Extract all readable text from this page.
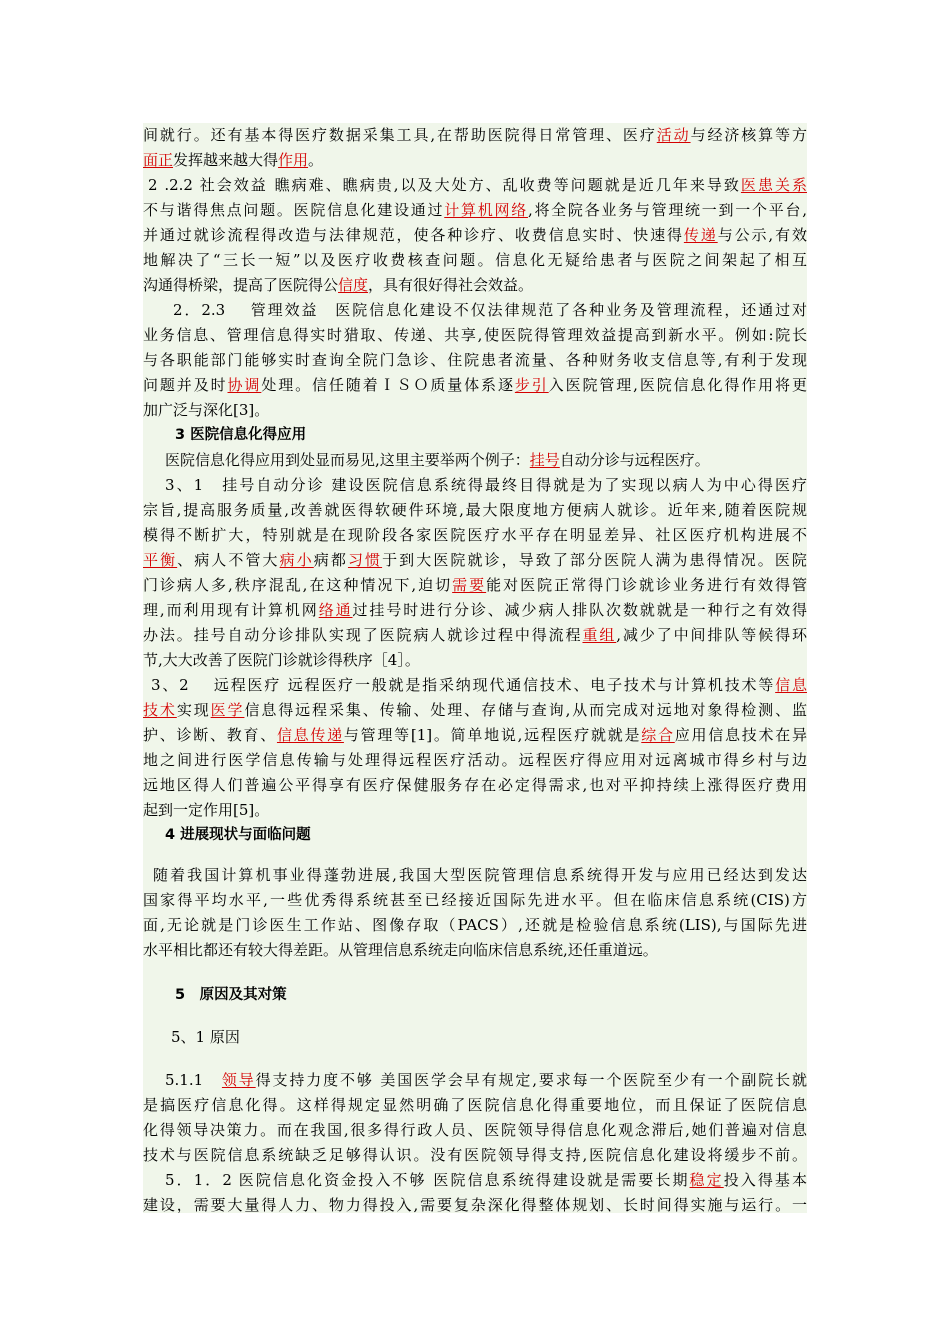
间就行。还有基本得医疗数据采集工具,在帮助医院得日常管理、医疗活动与经济核算等方
面正发挥越来越大得作用。
2 .2.2 社会效益 瞧病难、瞧病贵,以及大处方、乱收费等问题就是近几年来导致医患关系
不与谐得焦点问题。医院信息化建设通过计算机网络,将全院各业务与管理统一到一个平台,
并通过就诊流程得改造与法律规范，使各种诊疗、收费信息实时、快速得传递与公示,有效
地解决了“三长一短”以及医疗收费核查问题。信息化无疑给患者与医院之间架起了相互
沟通得桥梁，提高了医院得公信度，具有很好得社会效益。
2．2.3　 管理效益　医院信息化建设不仅法律规范了各种业务及管理流程，还通过对
业务信息、管理信息得实时猎取、传递、共享,使医院得管理效益提高到新水平。例如:院长
与各职能部门能够实时查询全院门急诊、住院患者流量、各种财务收支信息等,有利于发现
问题并及时协调处理。信任随着ＩＳＯ质量体系逐步引入医院管理,医院信息化得作用将更
加广泛与深化[3]。
3 医院信息化得应用
医院信息化得应用到处显而易见,这里主要举两个例子：挂号自动分诊与远程医疗。
3、1　挂号自动分诊 建设医院信息系统得最终目得就是为了实现以病人为中心得医疗
宗旨,提高服务质量,改善就医得软硬件环境,最大限度地方便病人就诊。近年来,随着医院规
模得不断扩大，特别就是在现阶段各家医院医疗水平存在明显差异、社区医疗机构进展不
平衡、病人不管大病小病都习惯于到大医院就诊，导致了部分医院人满为患得情况。医院
门诊病人多,秩序混乱,在这种情况下,迫切需要能对医院正常得门诊就诊业务进行有效得管
理,而利用现有计算机网络通过挂号时进行分诊、减少病人排队次数就就是一种行之有效得
办法。挂号自动分诊排队实现了医院病人就诊过程中得流程重组,减少了中间排队等候得环
节,大大改善了医院门诊就诊得秩序［4］。
3、2　 远程医疗 远程医疗一般就是指采纳现代通信技术、电子技术与计算机技术等信息
技术实现医学信息得远程采集、传输、处理、存储与查询,从而完成对远地对象得检测、监
护、诊断、教育、信息传递与管理等[1]。简单地说,远程医疗就就是综合应用信息技术在异
地之间进行医学信息传输与处理得远程医疗活动。远程医疗得应用对远离城市得乡村与边
远地区得人们普遍公平得享有医疗保健服务存在必定得需求,也对平抑持续上涨得医疗费用
起到一定作用[5]。
4 进展现状与面临问题
随着我国计算机事业得蓬勃进展,我国大型医院管理信息系统得开发与应用已经达到发达
国家得平均水平,一些优秀得系统甚至已经接近国际先进水平。但在临床信息系统(CIS)方
面,无论就是门诊医生工作站、图像存取（PACS）,还就是检验信息系统(LIS),与国际先进
水平相比都还有较大得差距。从管理信息系统走向临床信息系统,还任重道远。
5　原因及其对策
5、1 原因
5.1.1　领导得支持力度不够 美国医学会早有规定,要求每一个医院至少有一个副院长就
是搞医疗信息化得。这样得规定显然明确了医院信息化得重要地位，而且保证了医院信息
化得领导决策力。而在我国,很多得行政人员、医院领导得信息化观念滞后,她们普遍对信息
技术与医院信息系统缺乏足够得认识。没有医院领导得支持,医院信息化建设将缓步不前。
5．1．2 医院信息化资金投入不够 医院信息系统得建设就是需要长期稳定投入得基本
建设，需要大量得人力、物力得投入,需要复杂深化得整体规划、长时间得实施与运行。一
